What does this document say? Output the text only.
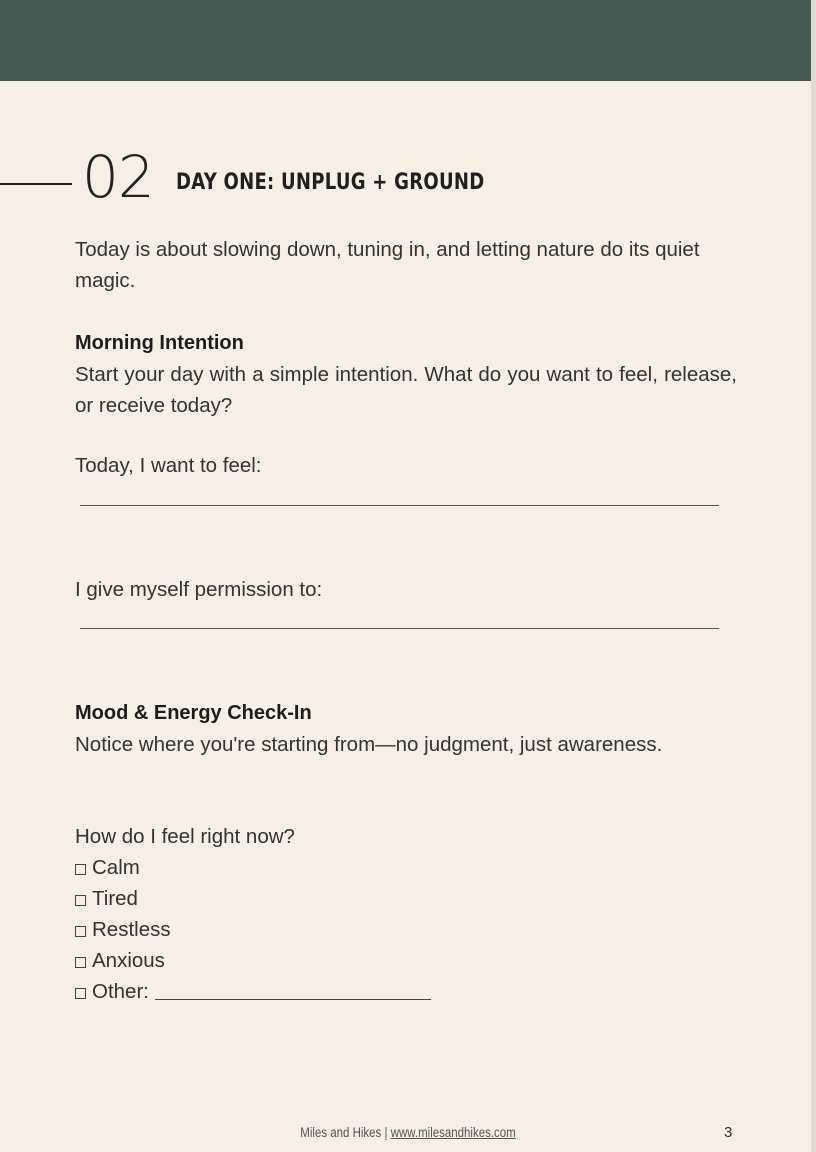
02 DAY ONE: UNPLUG + GROUND

Today is about slowing down, tuning in, and letting nature do its quiet magic.

Morning Intention

Start your day with a simple intention. What do you want to feel, release, or receive today?

Today, I want to feel:

I give myself permission to:

Mood & Energy Check-In

Notice where you're starting from—no judgment, just awareness.

How do I feel right now?

Calm
Tired
Restless
Anxious
Other:
Miles and Hikes | www.milesandhikes.com	3
